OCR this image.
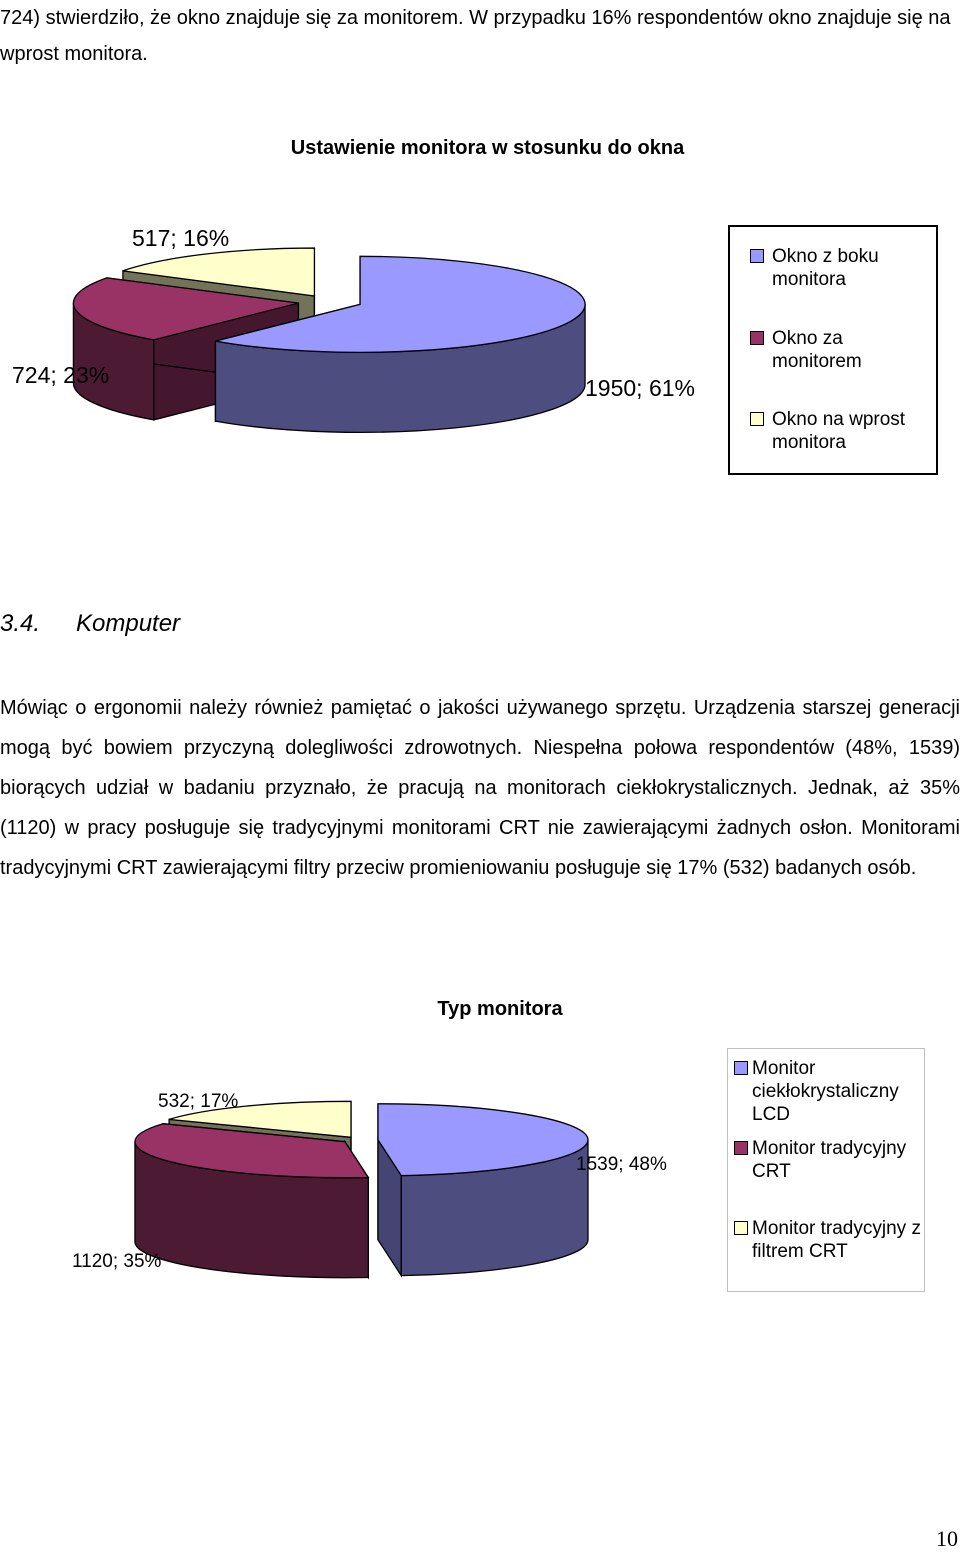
724) stwierdziło, że okno znajduje się za monitorem. W przypadku 16% respondentów okno znajduje się na wprost monitora.

Ustawienie monitora w stosunku do okna
1950; 61%
724; 23%
517; 16%
Okno z boku monitora
Okno za monitorem
Okno na wprost monitora
3.4. Komputer

Mówiąc o ergonomii należy również pamiętać o jakości używanego sprzętu. Urządzenia starszej generacji mogą być bowiem przyczyną dolegliwości zdrowotnych. Niespełna połowa respondentów (48%, 1539) biorących udział w badaniu przyznało, że pracują na monitorach ciekłokrystalicznych. Jednak, aż 35% (1120) w pracy posługuje się tradycyjnymi monitorami CRT nie zawierającymi żadnych osłon. Monitorami tradycyjnymi CRT zawierającymi filtry przeciw promieniowaniu posługuje się 17% (532) badanych osób.

Typ monitora
1539; 48%
1120; 35%
532; 17%
Monitor ciekłokrystaliczny LCD
Monitor tradycyjny CRT
Monitor tradycyjny z filtrem CRT
10
